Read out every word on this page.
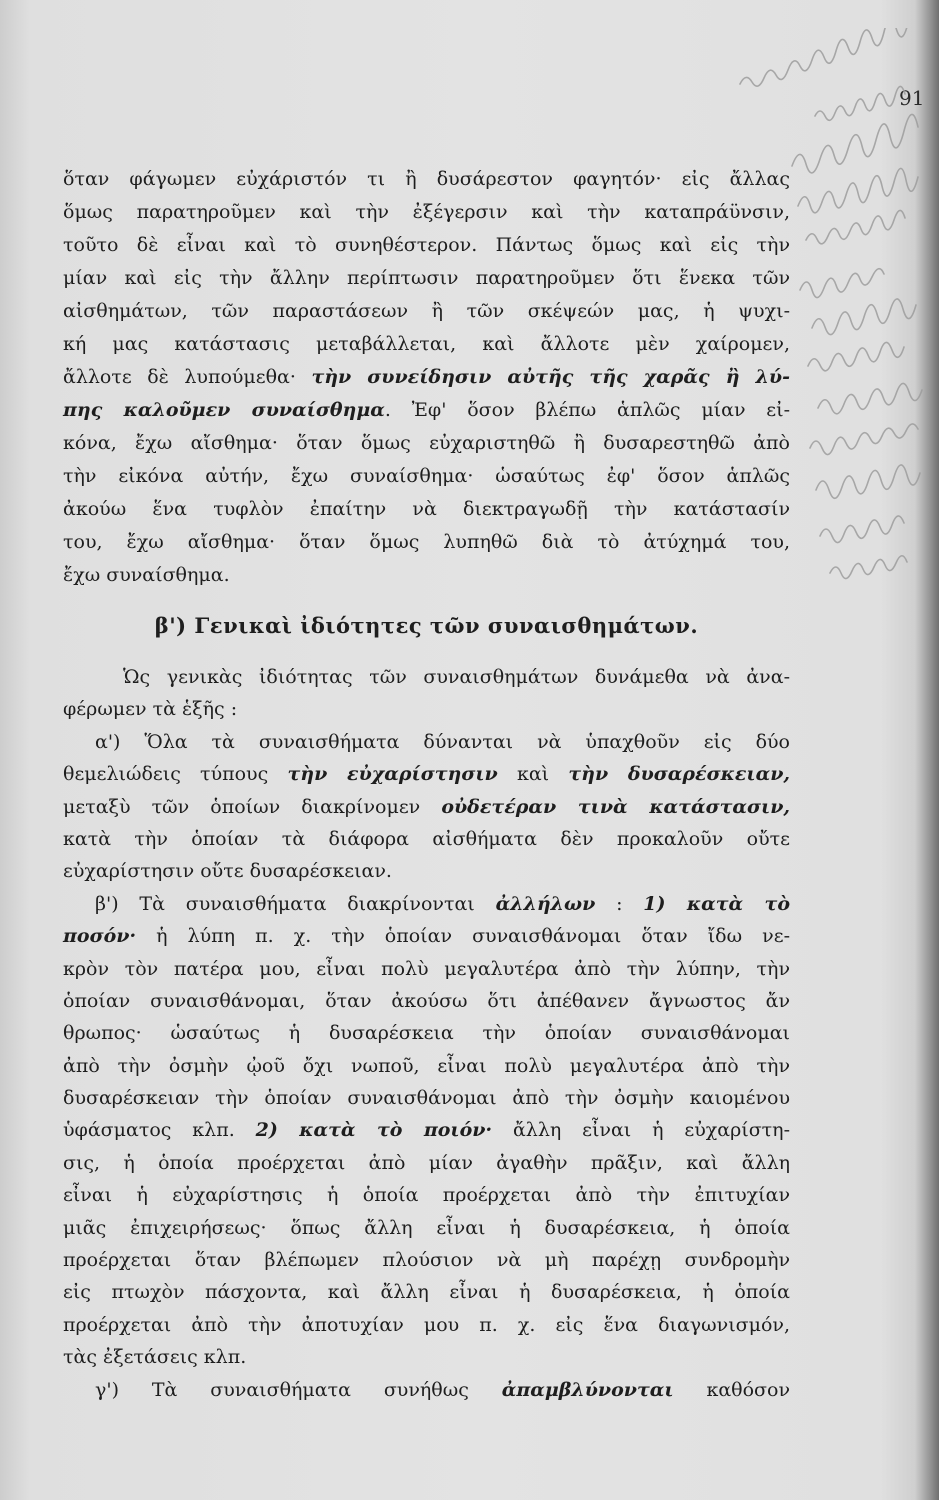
91
ὅταν φάγωμεν εὐχάριστόν τι ἢ δυσάρεστον φαγητόν· εἰς ἄλλας
ὅμως παρατηροῦμεν καὶ τὴν ἐξέγερσιν καὶ τὴν καταπράϋνσιν,
τοῦτο δὲ εἶναι καὶ τὸ συνηθέστερον. Πάντως ὅμως καὶ εἰς τὴν
μίαν καὶ εἰς τὴν ἄλλην περίπτωσιν παρατηροῦμεν ὅτι ἕνεκα τῶν
αἰσθημάτων, τῶν παραστάσεων ἢ τῶν σκέψεών μας, ἡ ψυχι-
κή μας κατάστασις μεταβάλλεται, καὶ ἄλλοτε μὲν χαίρομεν,
ἄλλοτε δὲ λυπούμεθα· τὴν συνείδησιν αὐτῆς τῆς χαρᾶς ἢ λύ-
πης καλοῦμεν συναίσθημα. Ἐφ' ὅσον βλέπω ἁπλῶς μίαν εἰ-
κόνα, ἔχω αἴσθημα· ὅταν ὅμως εὐχαριστηθῶ ἢ δυσαρεστηθῶ ἀπὸ
τὴν εἰκόνα αὐτήν, ἔχω συναίσθημα· ὡσαύτως ἐφ' ὅσον ἁπλῶς
ἀκούω ἕνα τυφλὸν ἐπαίτην νὰ διεκτραγωδῇ τὴν κατάστασίν
του, ἔχω αἴσθημα· ὅταν ὅμως λυπηθῶ διὰ τὸ ἀτύχημά του,
ἔχω συναίσθημα.
β') Γενικαὶ ἰδιότητες τῶν συναισθημάτων.
Ὡς γενικὰς ἰδιότητας τῶν συναισθημάτων δυνάμεθα νὰ ἀνα-
φέρωμεν τὰ ἑξῆς :
α') Ὅλα τὰ συναισθήματα δύνανται νὰ ὑπαχθοῦν εἰς δύο
θεμελιώδεις τύπους τὴν εὐχαρίστησιν καὶ τὴν δυσαρέσκειαν,
μεταξὺ τῶν ὁποίων διακρίνομεν οὐδετέραν τινὰ κατάστασιν,
κατὰ τὴν ὁποίαν τὰ διάφορα αἰσθήματα δὲν προκαλοῦν οὔτε
εὐχαρίστησιν οὔτε δυσαρέσκειαν.
β') Τὰ συναισθήματα διακρίνονται ἀλλήλων : 1) κατὰ τὸ
ποσόν· ἡ λύπη π. χ. τὴν ὁποίαν συναισθάνομαι ὅταν ἴδω νε-
κρὸν τὸν πατέρα μου, εἶναι πολὺ μεγαλυτέρα ἀπὸ τὴν λύπην, τὴν
ὁποίαν συναισθάνομαι, ὅταν ἀκούσω ὅτι ἀπέθανεν ἄγνωστος ἄν
θρωπος· ὡσαύτως ἡ δυσαρέσκεια τὴν ὁποίαν συναισθάνομαι
ἀπὸ τὴν ὀσμὴν ᾠοῦ ὄχι νωποῦ, εἶναι πολὺ μεγαλυτέρα ἀπὸ τὴν
δυσαρέσκειαν τὴν ὁποίαν συναισθάνομαι ἀπὸ τὴν ὀσμὴν καιομένου
ὑφάσματος κλπ. 2) κατὰ τὸ ποιόν· ἄλλη εἶναι ἡ εὐχαρίστη-
σις, ἡ ὁποία προέρχεται ἀπὸ μίαν ἀγαθὴν πρᾶξιν, καὶ ἄλλη
εἶναι ἡ εὐχαρίστησις ἡ ὁποία προέρχεται ἀπὸ τὴν ἐπιτυχίαν
μιᾶς ἐπιχειρήσεως· ὅπως ἄλλη εἶναι ἡ δυσαρέσκεια, ἡ ὁποία
προέρχεται ὅταν βλέπωμεν πλούσιον νὰ μὴ παρέχῃ συνδρομὴν
εἰς πτωχὸν πάσχοντα, καὶ ἄλλη εἶναι ἡ δυσαρέσκεια, ἡ ὁποία
προέρχεται ἀπὸ τὴν ἀποτυχίαν μου π. χ. εἰς ἕνα διαγωνισμόν,
τὰς ἐξετάσεις κλπ.
γ') Τὰ συναισθήματα συνήθως ἀπαμβλύνονται καθόσον
